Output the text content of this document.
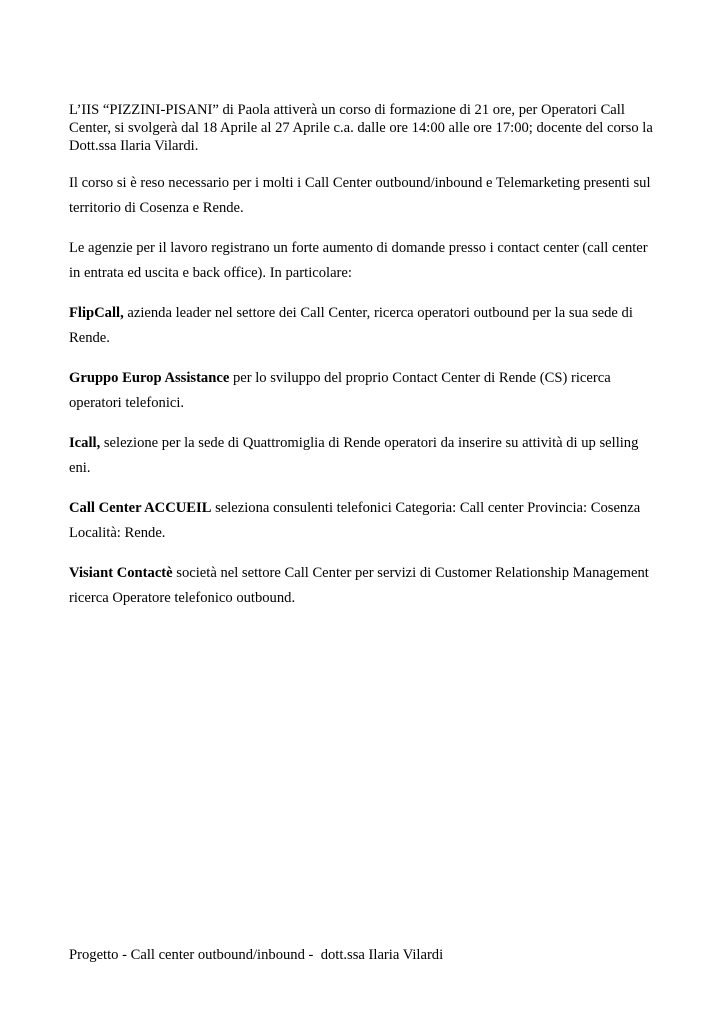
L’IIS “PIZZINI-PISANI” di Paola attiverà un corso di formazione di 21 ore, per Operatori Call Center, si svolgerà dal 18 Aprile al 27 Aprile c.a. dalle ore 14:00 alle ore 17:00; docente del corso la Dott.ssa Ilaria Vilardi.

Il corso si è reso necessario per i molti i Call Center outbound/inbound e Telemarketing presenti sul territorio di Cosenza e Rende.

Le agenzie per il lavoro registrano un forte aumento di domande presso i contact center (call center in entrata ed uscita e back office). In particolare:

FlipCall, azienda leader nel settore dei Call Center, ricerca operatori outbound per la sua sede di Rende.

Gruppo Europ Assistance per lo sviluppo del proprio Contact Center di Rende (CS) ricerca operatori telefonici.

Icall, selezione per la sede di Quattromiglia di Rende operatori da inserire su attività di up selling eni.

Call Center ACCUEIL seleziona consulenti telefonici Categoria: Call center Provincia: Cosenza Località: Rende.

Visiant Contactè società nel settore Call Center per servizi di Customer Relationship Management ricerca Operatore telefonico outbound.

Progetto - Call center outbound/inbound -  dott.ssa Ilaria Vilardi
